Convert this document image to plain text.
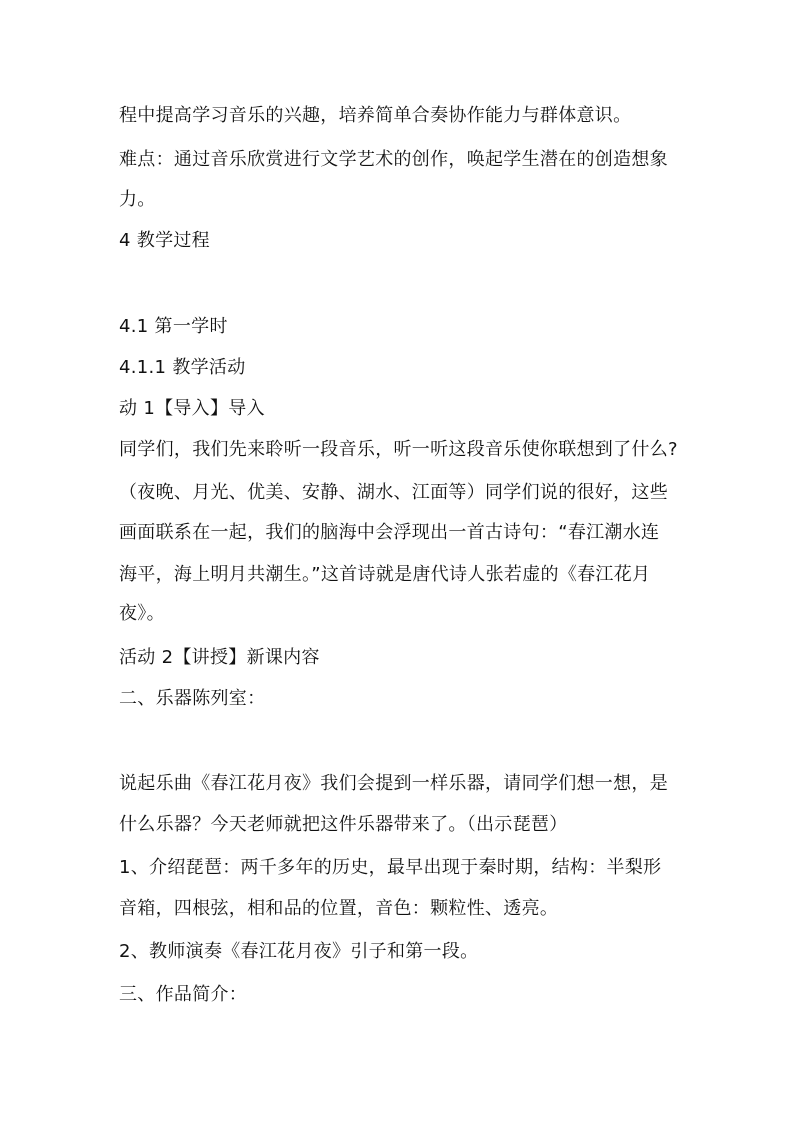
程中提高学习音乐的兴趣，培养简单合奏协作能力与群体意识。
难点：通过音乐欣赏进行文学艺术的创作，唤起学生潜在的创造想象
力。
4 教学过程
4.1 第一学时
4.1.1 教学活动
动 1【导入】导入
同学们，我们先来聆听一段音乐，听一听这段音乐使你联想到了什么?
（夜晚、月光、优美、安静、湖水、江面等）同学们说的很好，这些
画面联系在一起，我们的脑海中会浮现出一首古诗句：“春江潮水连
海平，海上明月共潮生。”这首诗就是唐代诗人张若虚的《春江花月
夜》。
活动 2【讲授】新课内容
二、乐器陈列室：
说起乐曲《春江花月夜》我们会提到一样乐器，请同学们想一想，是
什么乐器？今天老师就把这件乐器带来了。（出示琵琶）
1、介绍琵琶：两千多年的历史，最早出现于秦时期，结构：半梨形
音箱，四根弦，相和品的位置，音色：颗粒性、透亮。
2、教师演奏《春江花月夜》引子和第一段。
三、作品简介：
